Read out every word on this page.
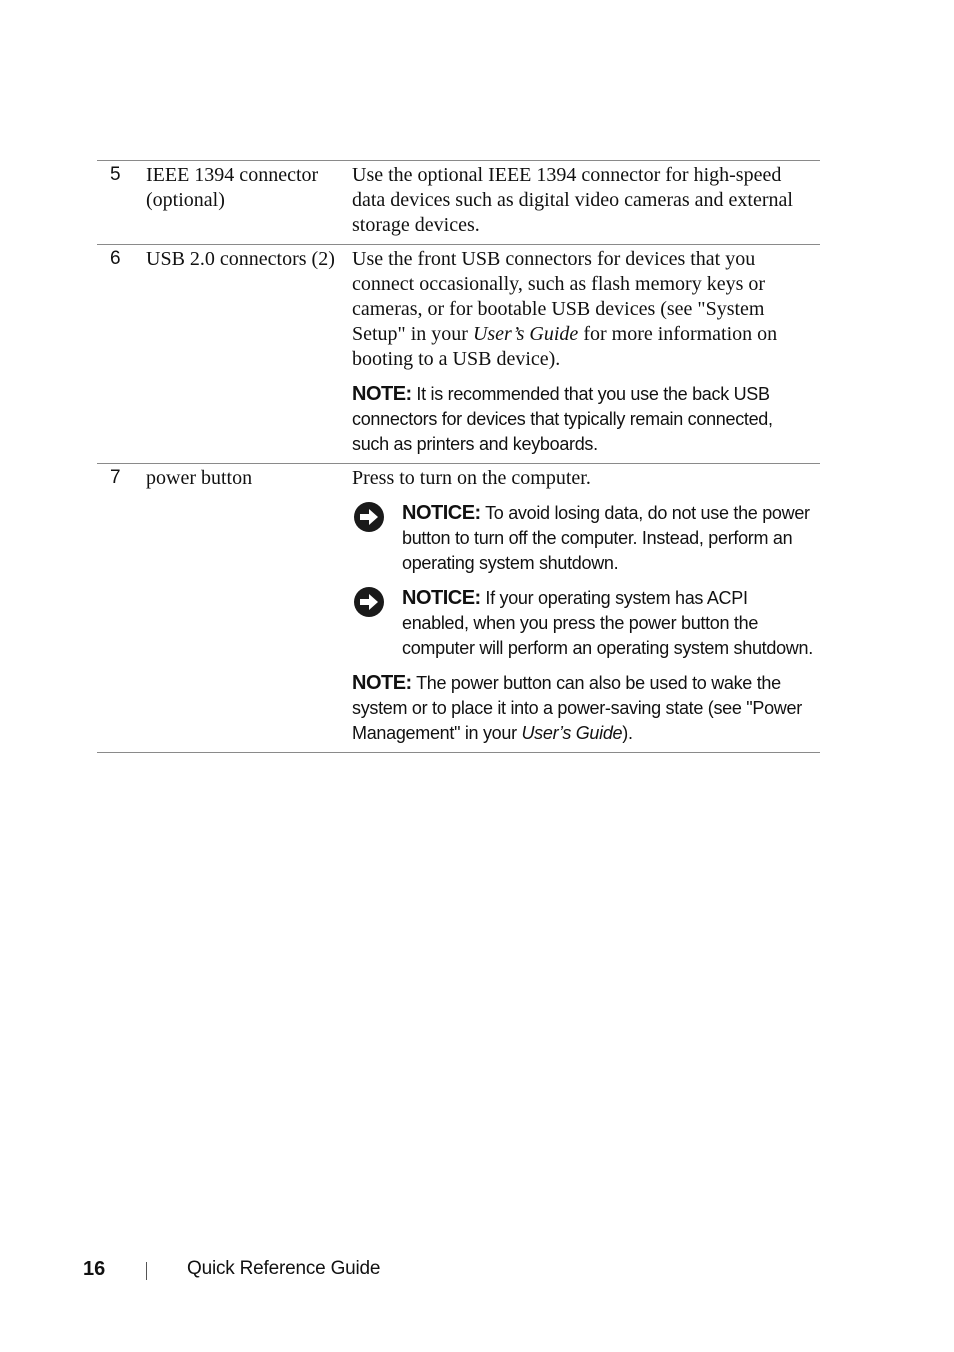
5 IEEE 1394 connector (optional)
Use the optional IEEE 1394 connector for high-speed data devices such as digital video cameras and external storage devices.
6 USB 2.0 connectors (2) Use the front USB connectors for devices that you connect occasionally, such as flash memory keys or cameras, or for bootable USB devices (see "System Setup" in your User’s Guide for more information on booting to a USB device).
NOTE: It is recommended that you use the back USB connectors for devices that typically remain connected, such as printers and keyboards.
7 power button	Press to turn on the computer.
NOTICE: To avoid losing data, do not use the power button to turn off the computer. Instead, perform an operating system shutdown.
NOTICE: If your operating system has ACPI enabled, when you press the power button the computer will perform an operating system shutdown.
NOTE: The power button can also be used to wake the system or to place it into a power-saving state (see "Power Management" in your User’s Guide).
16	Quick Reference Guide
